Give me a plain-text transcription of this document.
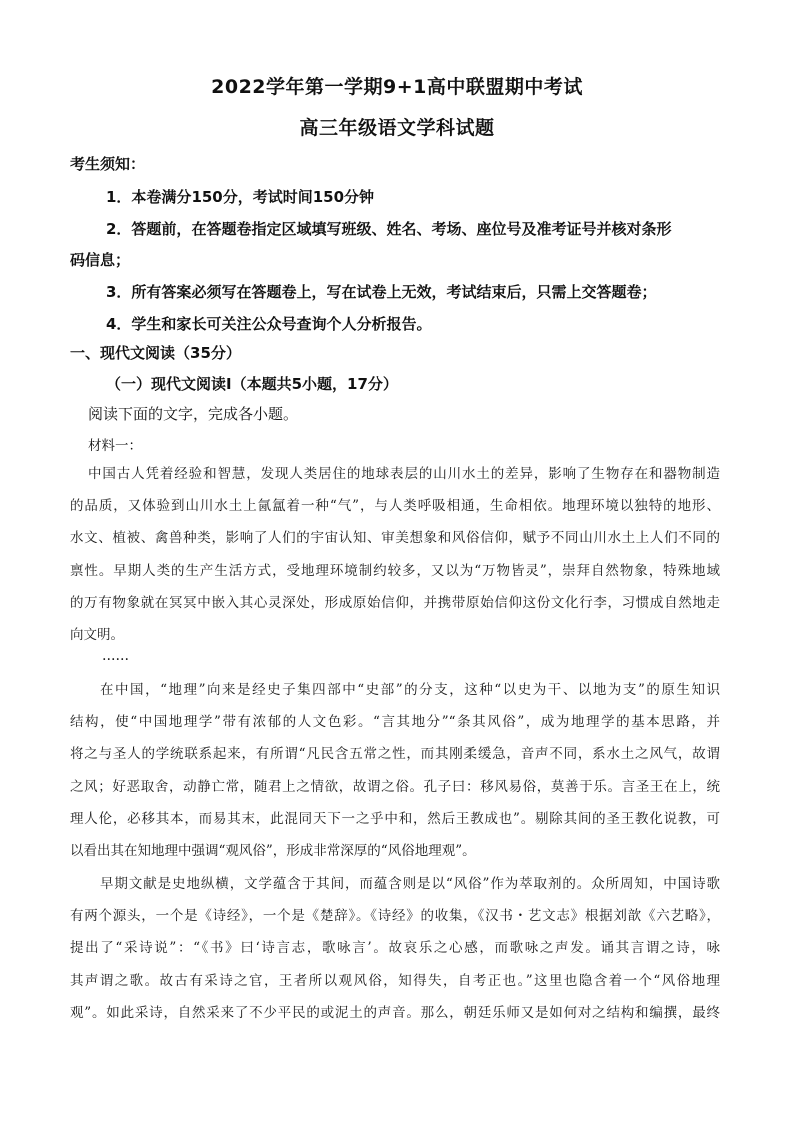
2022学年第一学期9+1高中联盟期中考试
高三年级语文学科试题
考生须知：
1．本卷满分150分，考试时间150分钟
2．答题前，在答题卷指定区域填写班级、姓名、考场、座位号及准考证号并核对条形
码信息；
3．所有答案必须写在答题卷上，写在试卷上无效，考试结束后，只需上交答题卷；
4．学生和家长可关注公众号查询个人分析报告。
一、现代文阅读（35分）
（一）现代文阅读Ⅰ（本题共5小题，17分）
阅读下面的文字，完成各小题。
材料一：
中国古人凭着经验和智慧，发现人类居住的地球表层的山川水土的差异，影响了生物存在和器物制造
的品质，又体验到山川水土上氤氲着一种“气”，与人类呼吸相通，生命相依。地理环境以独特的地形、
水文、植被、禽兽种类，影响了人们的宇宙认知、审美想象和风俗信仰，赋予不同山川水土上人们不同的
禀性。早期人类的生产生活方式，受地理环境制约较多，又以为“万物皆灵”，崇拜自然物象，特殊地域
的万有物象就在冥冥中嵌入其心灵深处，形成原始信仰，并携带原始信仰这份文化行李，习惯成自然地走
向文明。
……
在中国，“地理”向来是经史子集四部中“史部”的分支，这种“以史为干、以地为支”的原生知识
结构，使“中国地理学”带有浓郁的人文色彩。“言其地分”“条其风俗”，成为地理学的基本思路，并
将之与圣人的学统联系起来，有所谓“凡民含五常之性，而其刚柔缓急，音声不同，系水土之风气，故谓
之风；好恶取舍，动静亡常，随君上之情欲，故谓之俗。孔子曰：移风易俗，莫善于乐。言圣王在上，统
理人伦，必移其本，而易其末，此混同天下一之乎中和，然后王教成也”。剔除其间的圣王教化说教，可
以看出其在知地理中强调“观风俗”，形成非常深厚的“风俗地理观”。
早期文献是史地纵横，文学蕴含于其间，而蕴含则是以“风俗”作为萃取剂的。众所周知，中国诗歌
有两个源头，一个是《诗经》，一个是《楚辞》。《诗经》的收集，《汉书・艺文志》根据刘歆《六艺略》，
提出了“采诗说”：“《书》曰‘诗言志，歌咏言’。故哀乐之心感，而歌咏之声发。诵其言谓之诗，咏
其声谓之歌。故古有采诗之官，王者所以观风俗，知得失，自考正也。”这里也隐含着一个“风俗地理
观”。如此采诗，自然采来了不少平民的或泥土的声音。那么，朝廷乐师又是如何对之结构和编撰，最终
